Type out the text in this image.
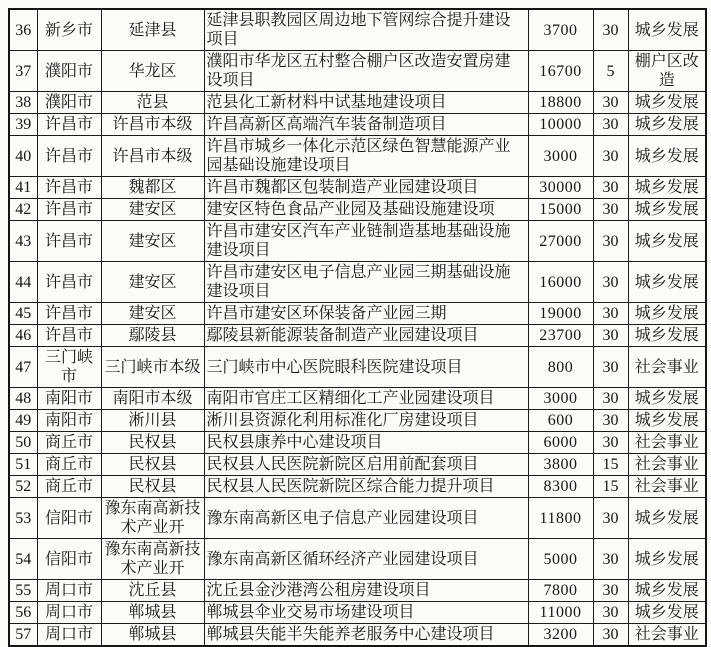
36	新乡市	延津县	延津县职教园区周边地下管网综合提升建设项目	3700	30	城乡发展
37	濮阳市	华龙区	濮阳市华龙区五村整合棚户区改造安置房建设项目	16700	5	棚户区改造
38	濮阳市	范县	范县化工新材料中试基地建设项目	18800	30	城乡发展
39	许昌市	许昌市本级	许昌高新区高端汽车装备制造项目	10000	30	城乡发展
40	许昌市	许昌市本级	许昌市城乡一体化示范区绿色智慧能源产业园基础设施建设项目	3000	30	城乡发展
41	许昌市	魏都区	许昌市魏都区包装制造产业园建设项目	30000	30	城乡发展
42	许昌市	建安区	建安区特色食品产业园及基础设施建设项	15000	30	城乡发展
43	许昌市	建安区	许昌市建安区汽车产业链制造基地基础设施建设项目	27000	30	城乡发展
44	许昌市	建安区	许昌市建安区电子信息产业园三期基础设施建设项目	16000	30	城乡发展
45	许昌市	建安区	许昌市建安区环保装备产业园三期	19000	30	城乡发展
46	许昌市	鄢陵县	鄢陵县新能源装备制造产业园建设项目	23700	30	城乡发展
47	三门峡市	三门峡市本级	三门峡市中心医院眼科医院建设项目	800	30	社会事业
48	南阳市	南阳市本级	南阳市官庄工区精细化工产业园建设项目	3000	30	城乡发展
49	南阳市	淅川县	淅川县资源化利用标准化厂房建设项目	600	30	城乡发展
50	商丘市	民权县	民权县康养中心建设项目	6000	30	社会事业
51	商丘市	民权县	民权县人民医院新院区启用前配套项目	3800	15	社会事业
52	商丘市	民权县	民权县人民医院新院区综合能力提升项目	8300	15	社会事业
53	信阳市	豫东南高新技术产业开	豫东南高新区电子信息产业园建设项目	11800	30	城乡发展
54	信阳市	豫东南高新技术产业开	豫东南高新区循环经济产业园建设项目	5000	30	城乡发展
55	周口市	沈丘县	沈丘县金沙港湾公租房建设项目	7800	30	城乡发展
56	周口市	郸城县	郸城县伞业交易市场建设项目	11000	30	城乡发展
57	周口市	郸城县	郸城县失能半失能养老服务中心建设项目	3200	30	社会事业
